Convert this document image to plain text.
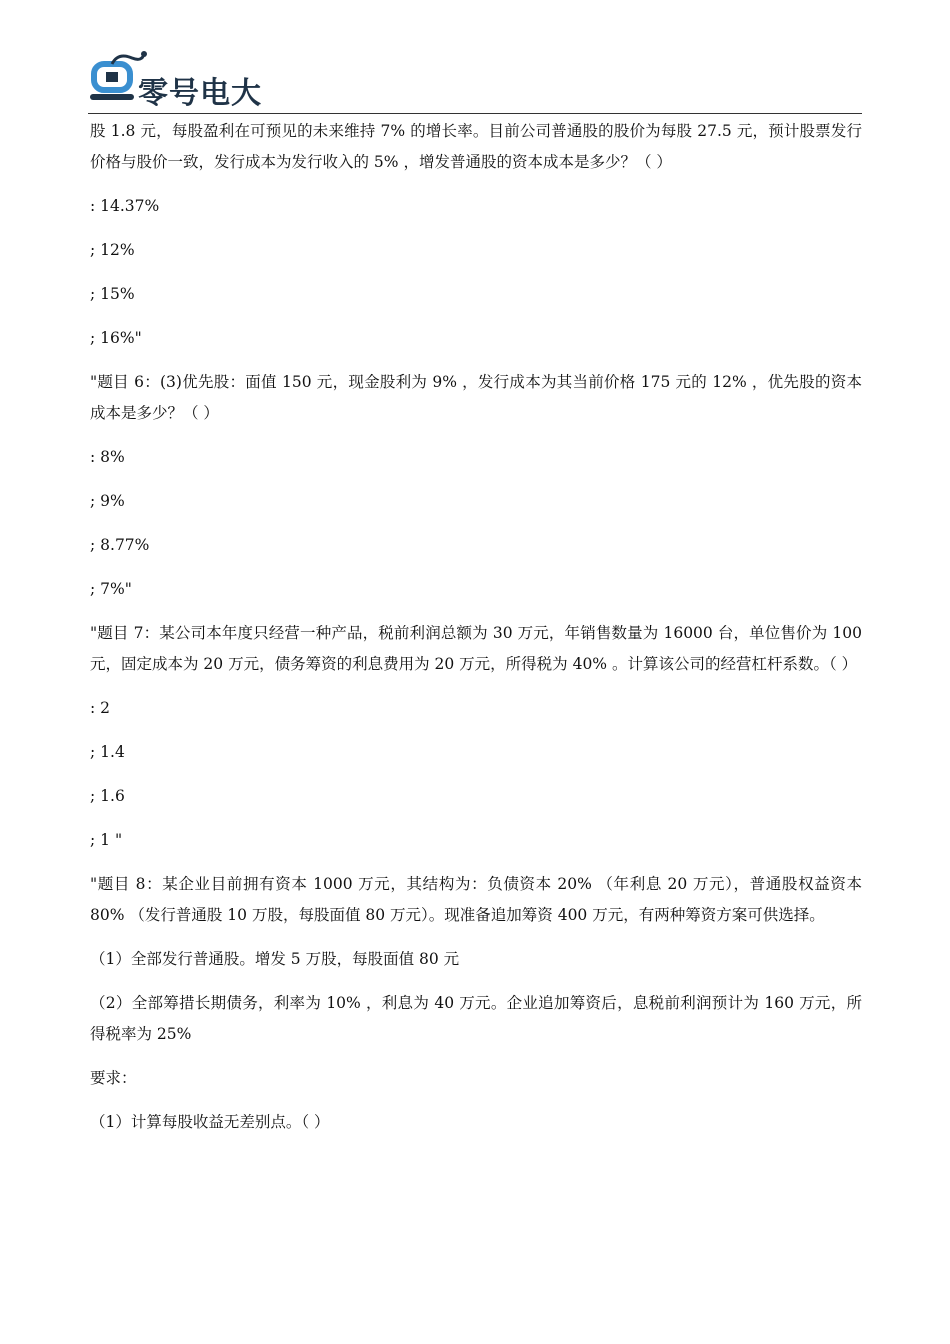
零号电大

股 1.8 元，每股盈利在可预见的未来维持 7% 的增长率。目前公司普通股的股价为每股 27.5 元，预计股票发行价格与股价一致，发行成本为发行收入的 5% ，增发普通股的资本成本是多少？（ ）

: 14.37%

; 12%

; 15%

; 16%"

"题目 6：(3)优先股：面值 150 元，现金股利为 9% ，发行成本为其当前价格 175 元的 12% ，优先股的资本成本是多少？（ ）

: 8%

; 9%

; 8.77%

; 7%"

"题目 7：某公司本年度只经营一种产品，税前利润总额为 30 万元，年销售数量为 16000 台，单位售价为 100 元，固定成本为 20 万元，债务筹资的利息费用为 20 万元，所得税为 40% 。计算该公司的经营杠杆系数。（ ）

: 2

; 1.4

; 1.6

; 1 "

"题目 8：某企业目前拥有资本 1000 万元，其结构为：负债资本 20% （年利息 20 万元），普通股权益资本 80% （发行普通股 10 万股，每股面值 80 万元）。现准备追加筹资 400 万元，有两种筹资方案可供选择。

（1）全部发行普通股。增发 5 万股，每股面值 80 元

（2）全部筹措长期债务，利率为 10% ，利息为 40 万元。企业追加筹资后，息税前利润预计为 160 万元，所得税率为 25%

要求：

（1）计算每股收益无差别点。（ ）
